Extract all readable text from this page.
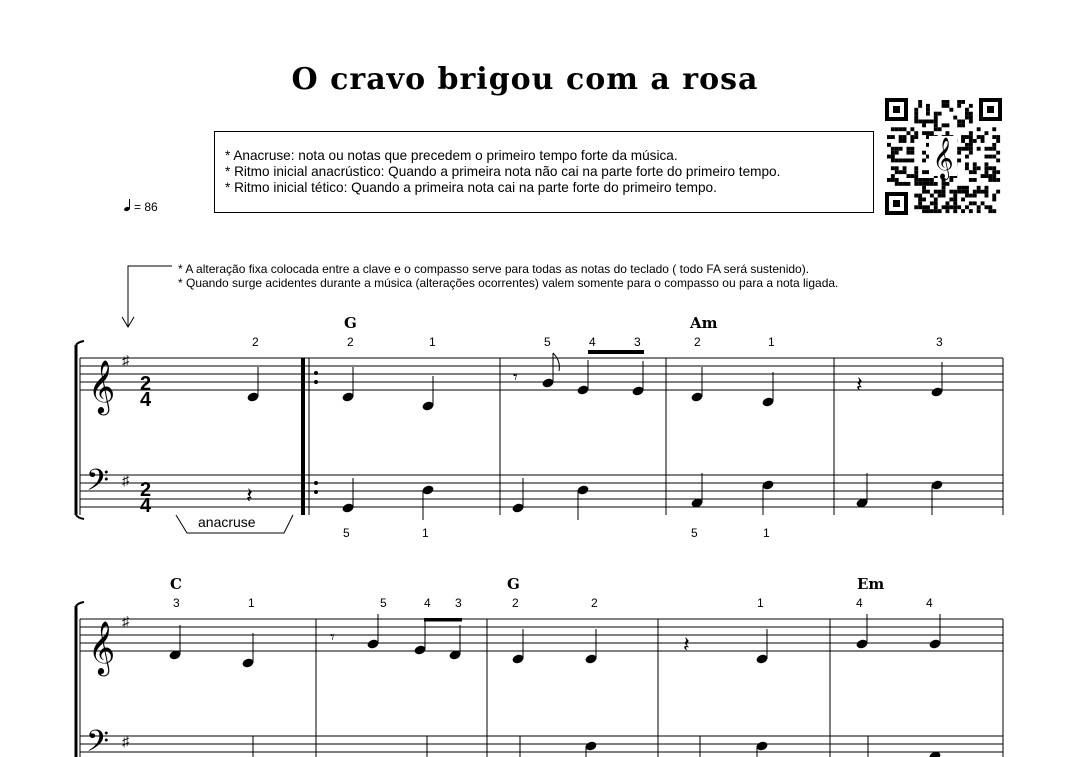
O cravo brigou com a rosa
* Anacruse: nota ou notas que precedem o primeiro tempo forte da música.
* Ritmo inicial anacrústico: Quando a primeira nota não cai na parte forte do primeiro tempo.
* Ritmo inicial tético: Quando a primeira nota cai na parte forte do primeiro tempo.
= 86
* A alteração fixa colocada entre a clave e o compasso serve para todas as notas do teclado ( todo FA será sustenido).
* Quando surge acidentes durante a música (alterações ocorrentes) valem somente para o compasso ou para a nota ligada.
𝄞
𝄞
𝄢
♯
♯
2
4
2
4
G	Am
2	2	1	5	4	3	2	1	3
5	1	5	1
𝄾	𝄽
𝄽
𝄞
𝄢
♯
♯
C	G	Em
3	1	5	4 3	2	2	1	4	4
𝄾	𝄽
anacruse
